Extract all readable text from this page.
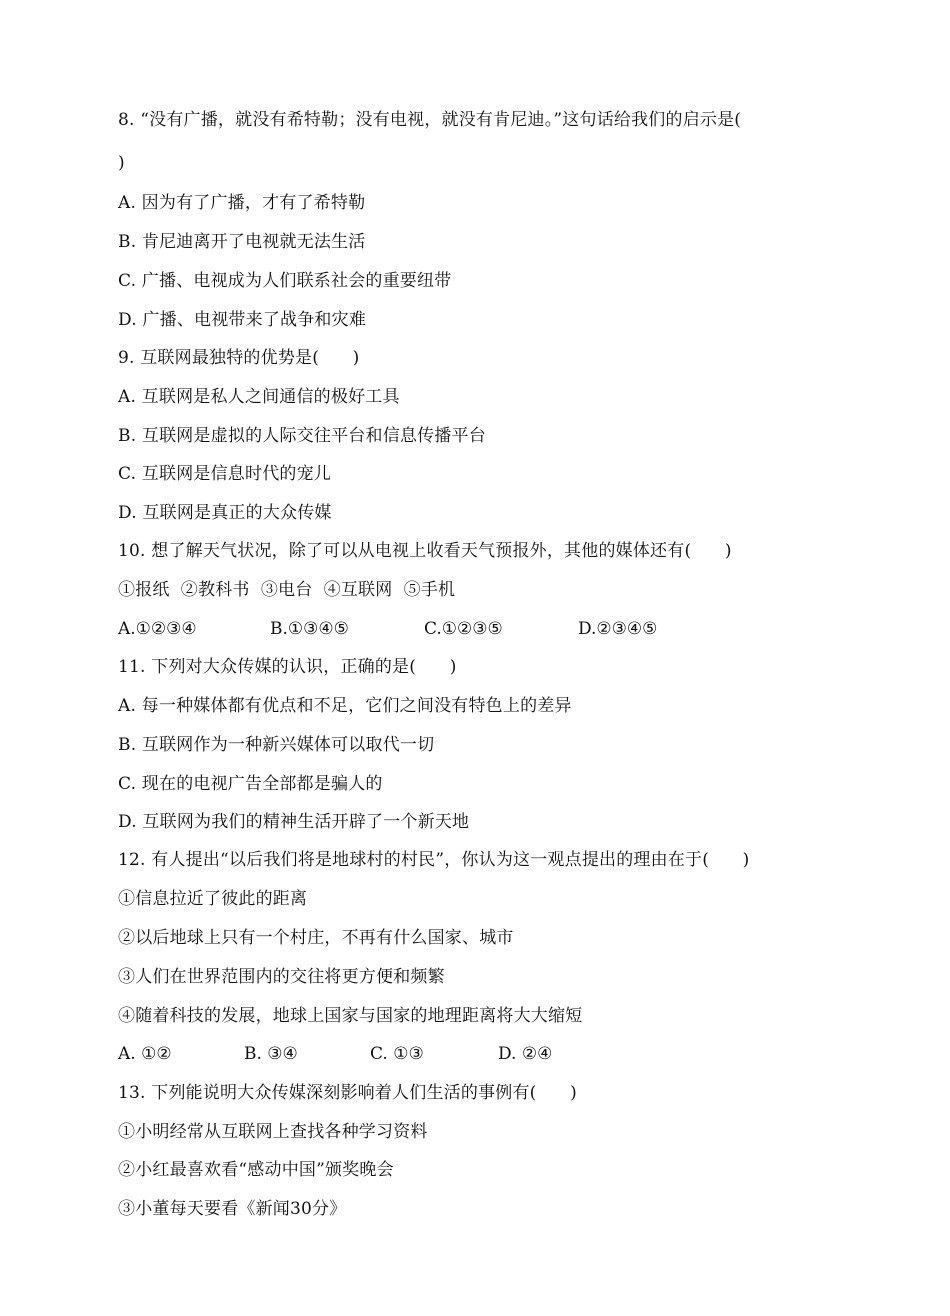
8. “没有广播，就没有希特勒；没有电视，就没有肯尼迪。”这句话给我们的启示是(
)
A. 因为有了广播，才有了希特勒
B. 肯尼迪离开了电视就无法生活
C. 广播、电视成为人们联系社会的重要纽带
D. 广播、电视带来了战争和灾难
9. 互联网最独特的优势是(      )
A. 互联网是私人之间通信的极好工具
B. 互联网是虚拟的人际交往平台和信息传播平台
C. 互联网是信息时代的宠儿
D. 互联网是真正的大众传媒
10. 想了解天气状况，除了可以从电视上收看天气预报外，其他的媒体还有(      )
①报纸  ②教科书  ③电台  ④互联网  ⑤手机

A.①②③④

	B.①③④⑤

	C.①②③⑤

	D.②③④⑤

11. 下列对大众传媒的认识，正确的是(      )
A. 每一种媒体都有优点和不足，它们之间没有特色上的差异
B. 互联网作为一种新兴媒体可以取代一切
C. 现在的电视广告全部都是骗人的
D. 互联网为我们的精神生活开辟了一个新天地
12. 有人提出“以后我们将是地球村的村民”，你认为这一观点提出的理由在于(      )
①信息拉近了彼此的距离
②以后地球上只有一个村庄，不再有什么国家、城市
③人们在世界范围内的交往将更方便和频繁
④随着科技的发展，地球上国家与国家的地理距离将大大缩短

A. ①②

	B. ③④

	C. ①③

	D. ②④

13. 下列能说明大众传媒深刻影响着人们生活的事例有(      )
①小明经常从互联网上查找各种学习资料
②小红最喜欢看“感动中国”颁奖晚会
③小董每天要看《新闻30分》
